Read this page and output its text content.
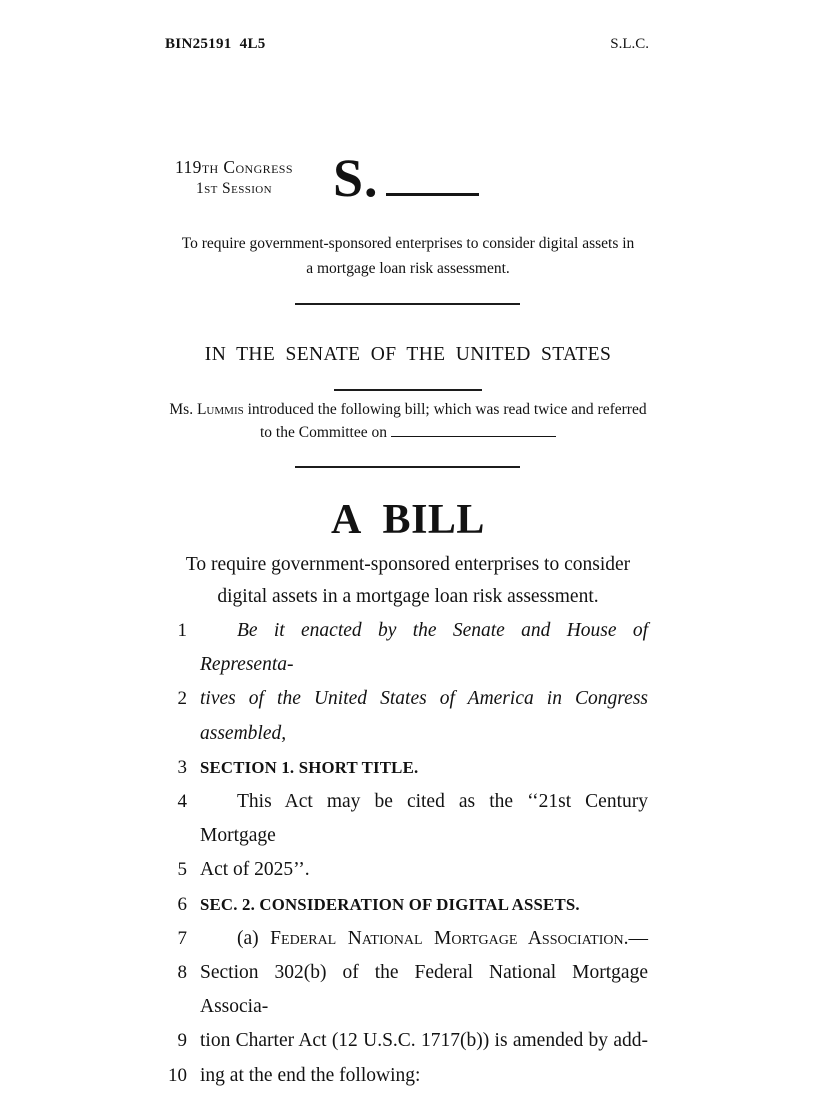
BIN25191  4L5	S.L.C.
119th Congress
1st Session	S.
To require government-sponsored enterprises to consider digital assets in
a mortgage loan risk assessment.
IN THE SENATE OF THE UNITED STATES
Ms. Lummis introduced the following bill; which was read twice and referred
to the Committee on
A BILL
To require government-sponsored enterprises to consider
digital assets in a mortgage loan risk assessment.
1	Be it enacted by the Senate and House of Representa-
2 tives of the United States of America in Congress assembled,
3 SECTION 1. SHORT TITLE.
4	This Act may be cited as the ‘‘21st Century Mortgage
5 Act of 2025’’.
6 SEC. 2. CONSIDERATION OF DIGITAL ASSETS.
7	(a) Federal National Mortgage Association.—
8 Section 302(b) of the Federal National Mortgage Associa-
9 tion Charter Act (12 U.S.C. 1717(b)) is amended by add-
10 ing at the end the following:
